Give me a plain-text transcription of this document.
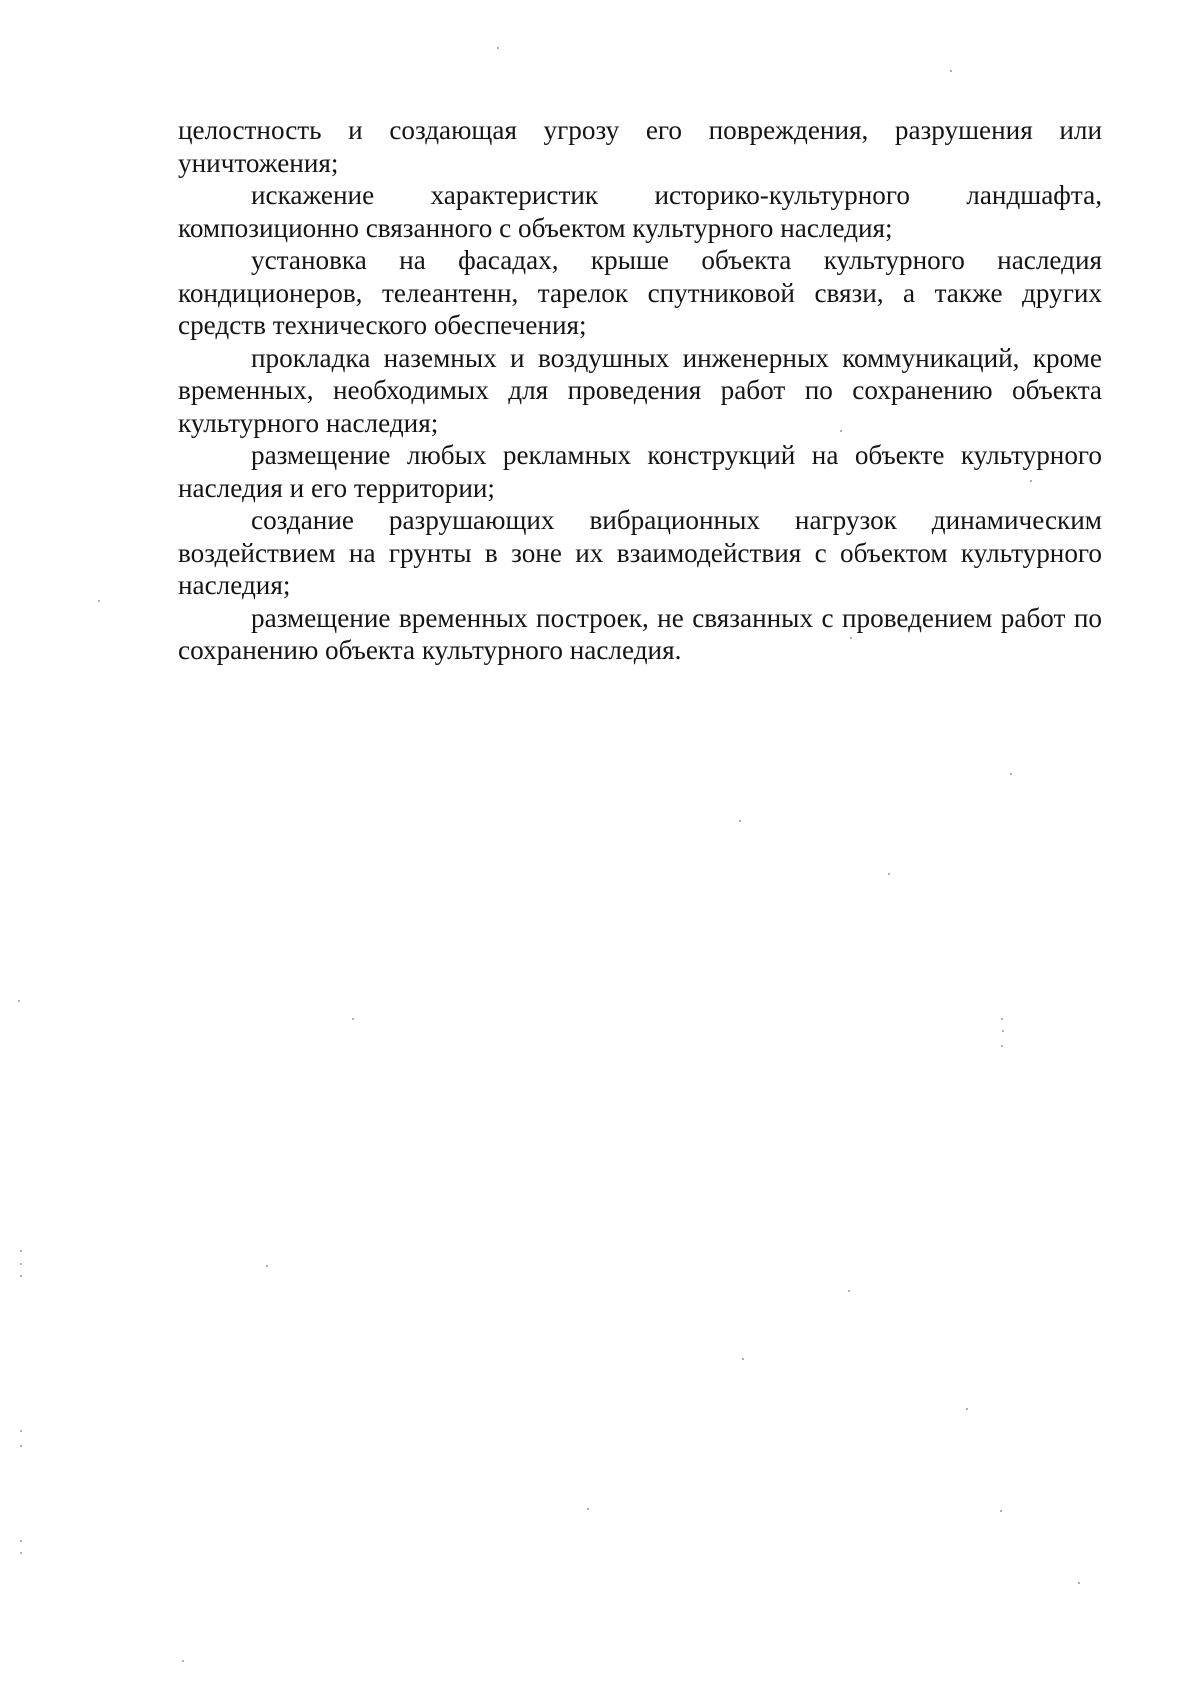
целостность и создающая угрозу его повреждения, разрушения или уничтожения;

искажение характеристик историко-культурного ландшафта, композиционно связанного с объектом культурного наследия;

установка на фасадах, крыше объекта культурного наследия кондиционеров, телеантенн, тарелок спутниковой связи, а также других средств технического обеспечения;

прокладка наземных и воздушных инженерных коммуникаций, кроме временных, необходимых для проведения работ по сохранению объекта культурного наследия;

размещение любых рекламных конструкций на объекте культурного наследия и его территории;

создание разрушающих вибрационных нагрузок динамическим воздействием на грунты в зоне их взаимодействия с объектом культурного наследия;

размещение временных построек, не связанных с проведением работ по сохранению объекта культурного наследия.
